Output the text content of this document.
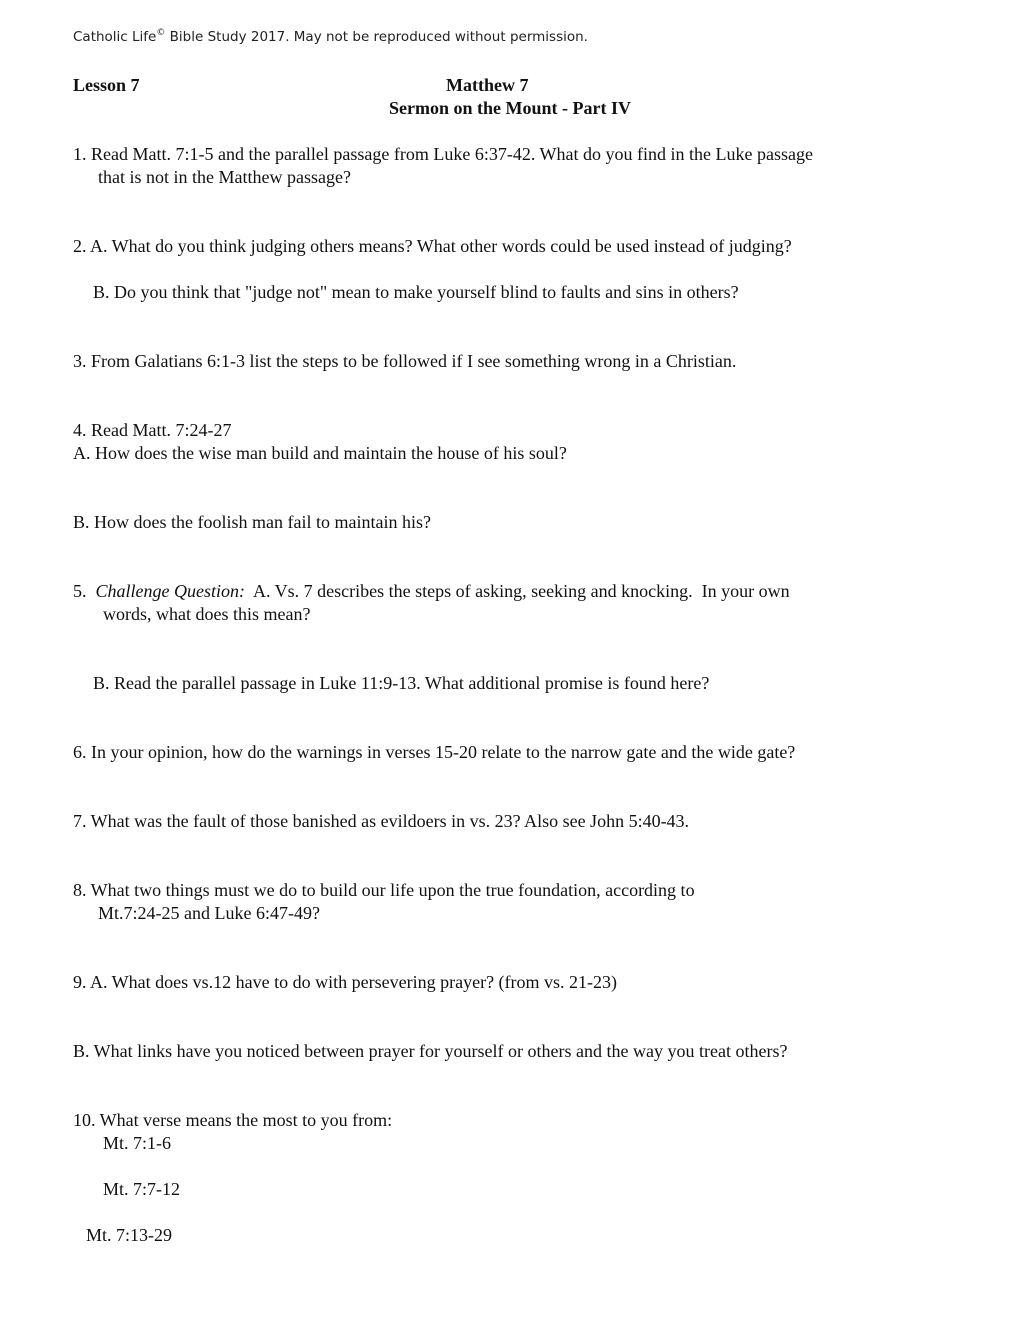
Catholic Life© Bible Study 2017. May not be reproduced without permission.
Lesson 7	Matthew 7
Sermon on the Mount - Part IV
1. Read Matt. 7:1-5 and the parallel passage from Luke 6:37-42. What do you find in the Luke passage
that is not in the Matthew passage?
2. A. What do you think judging others means? What other words could be used instead of judging?
B. Do you think that "judge not" mean to make yourself blind to faults and sins in others?
3. From Galatians 6:1-3 list the steps to be followed if I see something wrong in a Christian.
4. Read Matt. 7:24-27
A. How does the wise man build and maintain the house of his soul?
B. How does the foolish man fail to maintain his?
5.  Challenge Question:  A. Vs. 7 describes the steps of asking, seeking and knocking.  In your own
words, what does this mean?
B. Read the parallel passage in Luke 11:9-13. What additional promise is found here?
6. In your opinion, how do the warnings in verses 15-20 relate to the narrow gate and the wide gate?
7. What was the fault of those banished as evildoers in vs. 23? Also see John 5:40-43.
8. What two things must we do to build our life upon the true foundation, according to
Mt.7:24-25 and Luke 6:47-49?
9. A. What does vs.12 have to do with persevering prayer? (from vs. 21-23)
B. What links have you noticed between prayer for yourself or others and the way you treat others?
10. What verse means the most to you from:
Mt. 7:1-6
Mt. 7:7-12
Mt. 7:13-29
